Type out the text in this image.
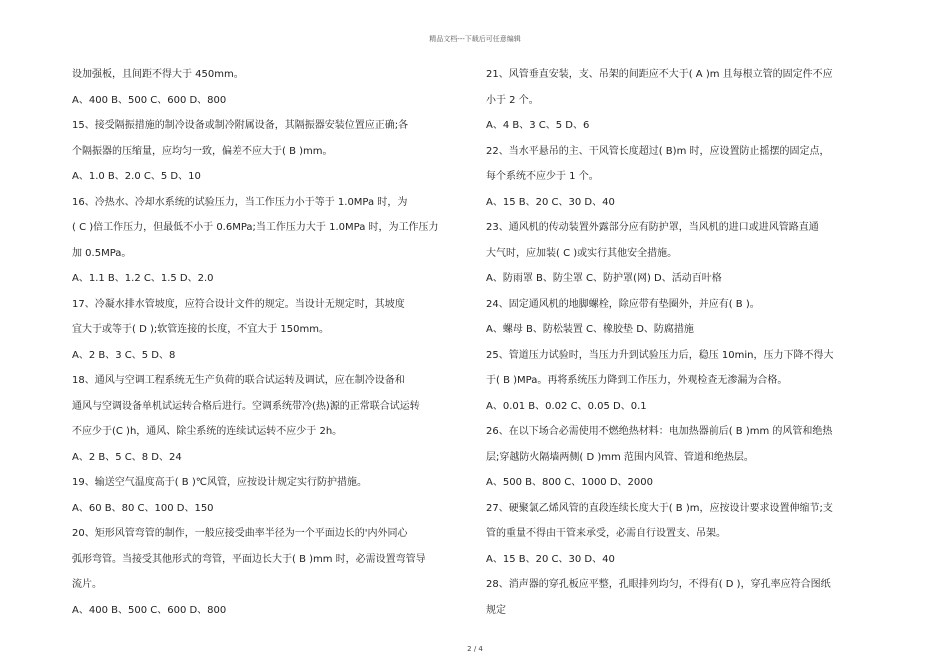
精品文档---下载后可任意编辑
设加强板，且间距不得大于 450mm。
A、400 B、500 C、600 D、800
15、接受隔振措施的制冷设备或制冷附属设备，其隔振器安装位置应正确;各
个隔振器的压缩量，应均匀一致，偏差不应大于( B )mm。
A、1.0 B、2.0 C、5 D、10
16、冷热水、冷却水系统的试验压力，当工作压力小于等于 1.0MPa 时，为
( C )倍工作压力，但最低不小于 0.6MPa;当工作压力大于 1.0MPa 时，为工作压力
加 0.5MPa。
A、1.1 B、1.2 C、1.5 D、2.0
17、冷凝水排水管坡度，应符合设计文件的规定。当设计无规定时，其坡度
宜大于或等于( D );软管连接的长度，不宜大于 150mm。
A、2 B、3 C、5 D、8
18、通风与空调工程系统无生产负荷的联合试运转及调试，应在制冷设备和
通风与空调设备单机试运转合格后进行。空调系统带冷(热)源的正常联合试运转
不应少于(C )h，通风、除尘系统的连续试运转不应少于 2h。
A、2 B、5 C、8 D、24
19、输送空气温度高于( B )℃风管，应按设计规定实行防护措施。
A、60 B、80 C、100 D、150
20、矩形风管弯管的制作，一般应接受曲率半径为一个平面边长的'内外同心
弧形弯管。当接受其他形式的弯管，平面边长大于( B )mm 时，必需设置弯管导
流片。
A、400 B、500 C、600 D、800
21、风管垂直安装，支、吊架的间距应不大于( A )m 且每根立管的固定件不应
小于 2 个。
A、4 B、3 C、5 D、6
22、当水平悬吊的主、干风管长度超过( B)m 时，应设置防止摇摆的固定点，
每个系统不应少于 1 个。
A、15 B、20 C、30 D、40
23、通风机的传动装置外露部分应有防护罩，当风机的进口或进风管路直通
大气时，应加装( C )或实行其他安全措施。
A、防雨罩 B、防尘罩 C、防护罩(网) D、活动百叶格
24、固定通风机的地脚螺栓，除应带有垫圈外，并应有( B )。
A、螺母 B、防松装置 C、橡胶垫 D、防腐措施
25、管道压力试验时，当压力升到试验压力后，稳压 10min，压力下降不得大
于( B )MPa。再将系统压力降到工作压力，外观检查无渗漏为合格。
A、0.01 B、0.02 C、0.05 D、0.1
26、在以下场合必需使用不燃绝热材料：电加热器前后( B )mm 的风管和绝热
层;穿越防火隔墙两侧( D )mm 范围内风管、管道和绝热层。
A、500 B、800 C、1000 D、2000
27、硬聚氯乙烯风管的直段连续长度大于( B )m，应按设计要求设置伸缩节;支
管的重量不得由干管来承受，必需自行设置支、吊架。
A、15 B、20 C、30 D、40
28、消声器的穿孔板应平整，孔眼排列均匀，不得有( D )，穿孔率应符合图纸
规定
2 / 4
